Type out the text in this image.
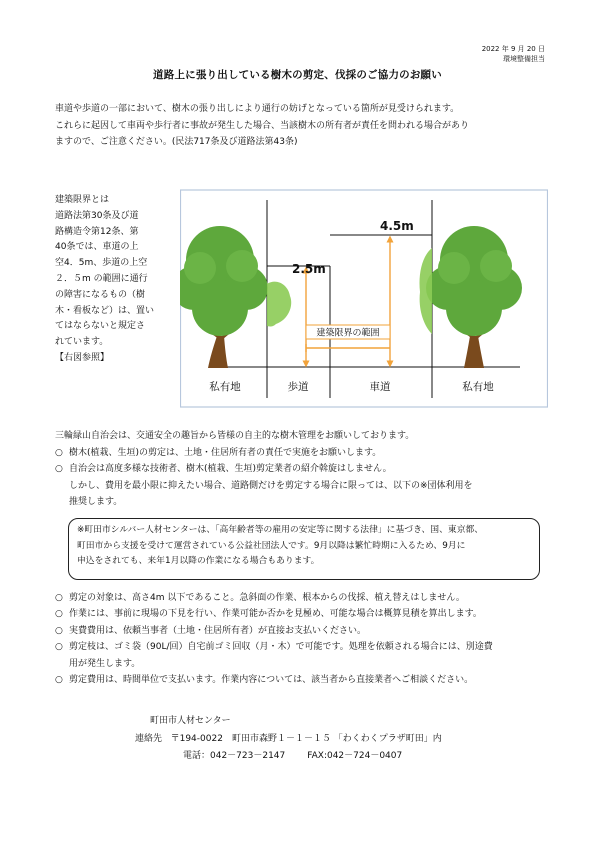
2022 年 9 月 20 日
環境整備担当
道路上に張り出している樹木の剪定、伐採のご協力のお願い

車道や歩道の一部において、樹木の張り出しにより通行の妨げとなっている箇所が見受けられます。

これらに起因して車両や歩行者に事故が発生した場合、当該樹木の所有者が責任を問われる場合があり

ますので、ご注意ください。(民法717条及び道路法第43条)

建築限界とは

道路法第30条及び道

路構造令第12条、第

40条では、車道の上

空4．5m、歩道の上空

２．５m の範囲に通行

の障害になるもの（樹

木・看板など）は、置い

てはならないと規定さ

れています。

【右図参照】

建築限界の範囲
2.5m
4.5m
私有地	歩道	車道	私有地

三輪緑山自治会は、交通安全の趣旨から皆様の自主的な樹木管理をお願いしております。

○ 樹木(植栽、生垣)の剪定は、土地・住居所有者の責任で実施をお願いします。
○ 自治会は高度多様な技術者、樹木(植栽、生垣)剪定業者の紹介斡旋はしません。

しかし、費用を最小限に抑えたい場合、道路側だけを剪定する場合に限っては、以下の※団体利用を

推奨します。

※町田市シルバー人材センターは、「高年齢者等の雇用の安定等に関する法律」に基づき、国、東京都、

町田市から支援を受けて運営されている公益社団法人です。9月以降は繁忙時期に入るため、9月に

申込をされても、来年1月以降の作業になる場合もあります。

○ 剪定の対象は、高さ4m 以下であること。急斜面の作業、根本からの伐採、植え替えはしません。
○ 作業には、事前に現場の下見を行い、作業可能か否かを見極め、可能な場合は概算見積を算出します。
○ 実費費用は、依頼当事者（土地・住居所有者）が直接お支払いください。
○ 剪定枝は、ゴミ袋（90L/回）自宅前ゴミ回収（月・木）で可能です。処理を依頼される場合には、別途費

用が発生します。

○ 剪定費用は、時間単位で支払います。作業内容については、該当者から直接業者へご相談ください。

町田市人材センター

連絡先 〒194-0022　町田市森野１－１－１５ 「わくわくプラザ町田」内

電話：042－723－2147 FAX:042－724－0407
